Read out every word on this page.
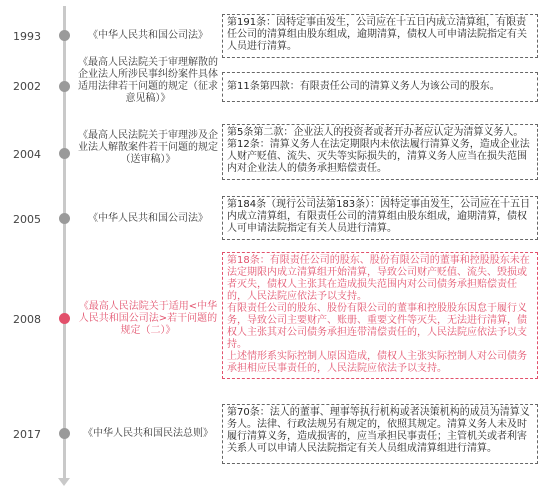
1993	《中华人民共和国公司法》

第191条：因特定事由发生，公司应在十五日内成立清算组，有限责任公司的清算组由股东组成，逾期清算，债权人可申请法院指定有关人员进行清算。

2002
《最高人民法院关于审理解散的企业法人所涉民事纠纷案件具体适用法律若干问题的规定（征求意见稿）》

第11条第四款：有限责任公司的清算义务人为该公司的股东。

2004
《最高人民法院关于审理涉及企业法人解散案件若干问题的规定（送审稿）》

第5条第二款：企业法人的投资者或者开办者应认定为清算义务人。

第12条：清算义务人在法定期限内未依法履行清算义务，造成企业法人财产贬值、流失、灭失等实际损失的，清算义务人应当在损失范围内对企业法人的债务承担赔偿责任。

2005	《中华人民共和国公司法》

第184条（现行公司法第183条）：因特定事由发生，公司应在十五日内成立清算组，有限责任公司的清算组由股东组成，逾期清算，债权人可申请法院指定有关人员进行清算。

2008
《最高人民法院关于适用<中华人民共和国公司法>若干问题的规定（二）》

第18条：有限责任公司的股东、股份有限公司的董事和控股股东未在法定期限内成立清算组开始清算，导致公司财产贬值、流失、毁损或者灭失，债权人主张其在造成损失范围内对公司债务承担赔偿责任的，人民法院应依法予以支持。

有限责任公司的股东、股份有限公司的董事和控股股东因怠于履行义务，导致公司主要财产、账册、重要文件等灭失，无法进行清算，债权人主张其对公司债务承担连带清偿责任的，人民法院应依法予以支持。

上述情形系实际控制人原因造成，债权人主张实际控制人对公司债务承担相应民事责任的，人民法院应依法予以支持。

2017	《中华人民共和国民法总则》

第70条：法人的董事、理事等执行机构或者决策机构的成员为清算义务人。法律、行政法规另有规定的，依照其规定。清算义务人未及时履行清算义务，造成损害的，应当承担民事责任；主管机关或者利害关系人可以申请人民法院指定有关人员组成清算组进行清算。
